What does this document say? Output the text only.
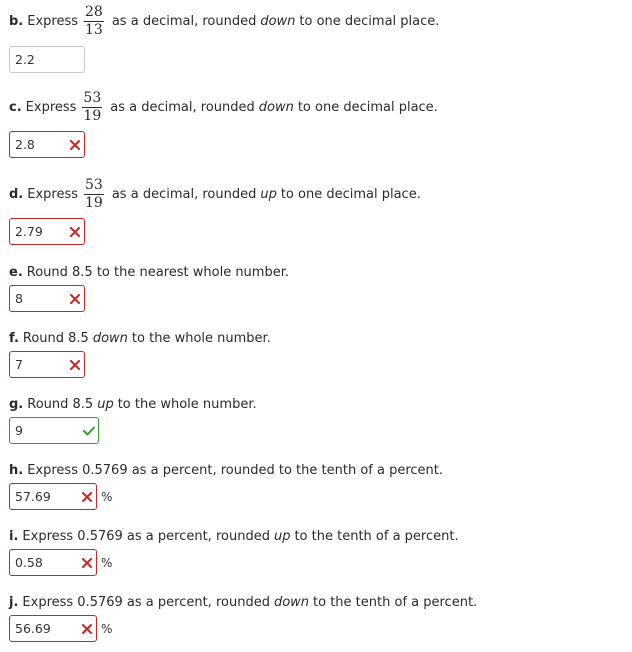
b. Express $\frac{28}{13}$ as a decimal, rounded down to one decimal place.
2.2
c. Express $\frac{53}{19}$ as a decimal, rounded down to one decimal place.
2.8
d. Express $\frac{53}{19}$ as a decimal, rounded up to one decimal place.
2.79
e. Round 8.5 to the nearest whole number.
8
f. Round 8.5 down to the whole number.
7
g. Round 8.5 up to the whole number.
9
h. Express 0.5769 as a percent, rounded to the tenth of a percent.
57.69	%
i. Express 0.5769 as a percent, rounded up to the tenth of a percent.
0.58	%
j. Express 0.5769 as a percent, rounded down to the tenth of a percent.
56.69	%
